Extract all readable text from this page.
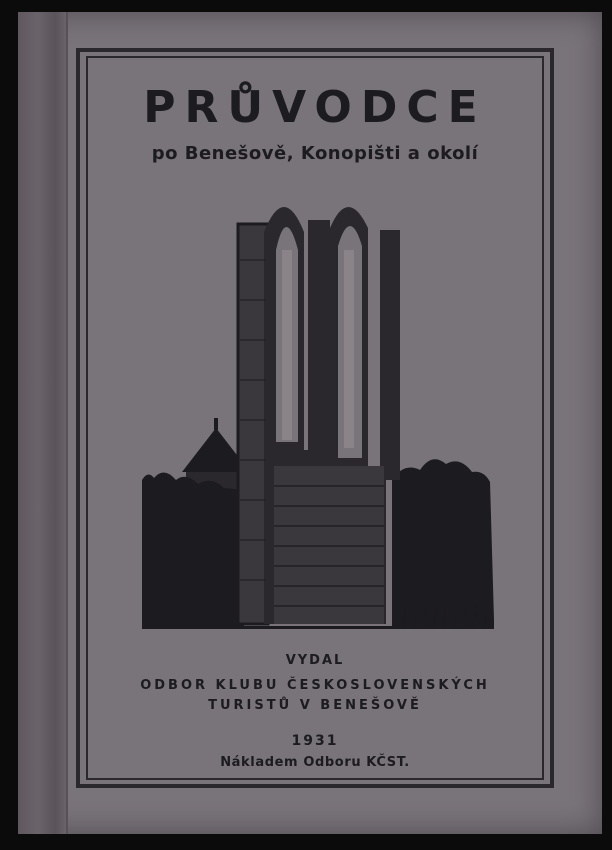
PRŮVODCE
po Benešově, Konopišti a okolí
VYDAL
ODBOR KLUBU ČESKOSLOVENSKÝCH
TURISTŮ V BENEŠOVĚ
1931
Nákladem Odboru KČST.
